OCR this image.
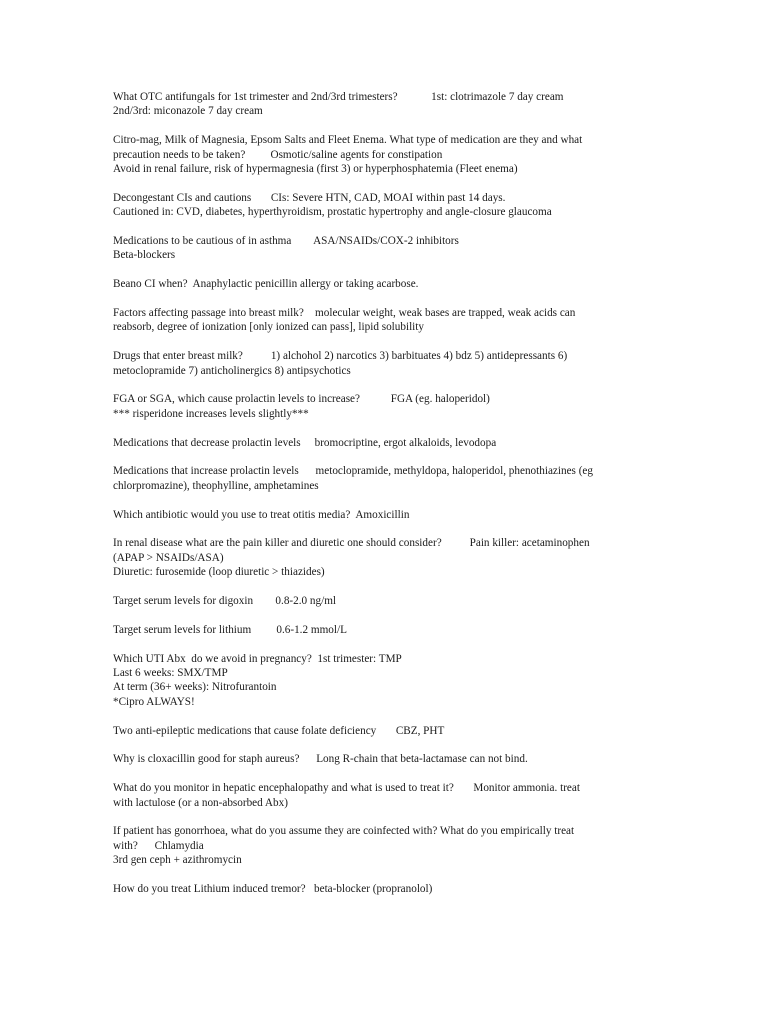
What OTC antifungals for 1st trimester and 2nd/3rd trimesters?            1st: clotrimazole 7 day cream
2nd/3rd: miconazole 7 day cream
Citro-mag, Milk of Magnesia, Epsom Salts and Fleet Enema. What type of medication are they and what
precaution needs to be taken?         Osmotic/saline agents for constipation
Avoid in renal failure, risk of hypermagnesia (first 3) or hyperphosphatemia (Fleet enema)
Decongestant CIs and cautions       CIs: Severe HTN, CAD, MOAI within past 14 days.
Cautioned in: CVD, diabetes, hyperthyroidism, prostatic hypertrophy and angle-closure glaucoma
Medications to be cautious of in asthma        ASA/NSAIDs/COX-2 inhibitors
Beta-blockers
Beano CI when?  Anaphylactic penicillin allergy or taking acarbose.
Factors affecting passage into breast milk?    molecular weight, weak bases are trapped, weak acids can
reabsorb, degree of ionization [only ionized can pass], lipid solubility
Drugs that enter breast milk?          1) alchohol 2) narcotics 3) barbituates 4) bdz 5) antidepressants 6)
metoclopramide 7) anticholinergics 8) antipsychotics
FGA or SGA, which cause prolactin levels to increase?           FGA (eg. haloperidol)
*** risperidone increases levels slightly***
Medications that decrease prolactin levels     bromocriptine, ergot alkaloids, levodopa
Medications that increase prolactin levels      metoclopramide, methyldopa, haloperidol, phenothiazines (eg
chlorpromazine), theophylline, amphetamines
Which antibiotic would you use to treat otitis media?  Amoxicillin
In renal disease what are the pain killer and diuretic one should consider?          Pain killer: acetaminophen
(APAP > NSAIDs/ASA)
Diuretic: furosemide (loop diuretic > thiazides)
Target serum levels for digoxin        0.8-2.0 ng/ml
Target serum levels for lithium         0.6-1.2 mmol/L
Which UTI Abx  do we avoid in pregnancy?  1st trimester: TMP
Last 6 weeks: SMX/TMP
At term (36+ weeks): Nitrofurantoin
*Cipro ALWAYS!
Two anti-epileptic medications that cause folate deficiency       CBZ, PHT
Why is cloxacillin good for staph aureus?      Long R-chain that beta-lactamase can not bind.
What do you monitor in hepatic encephalopathy and what is used to treat it?       Monitor ammonia. treat
with lactulose (or a non-absorbed Abx)
If patient has gonorrhoea, what do you assume they are coinfected with? What do you empirically treat
with?      Chlamydia
3rd gen ceph + azithromycin
How do you treat Lithium induced tremor?   beta-blocker (propranolol)
